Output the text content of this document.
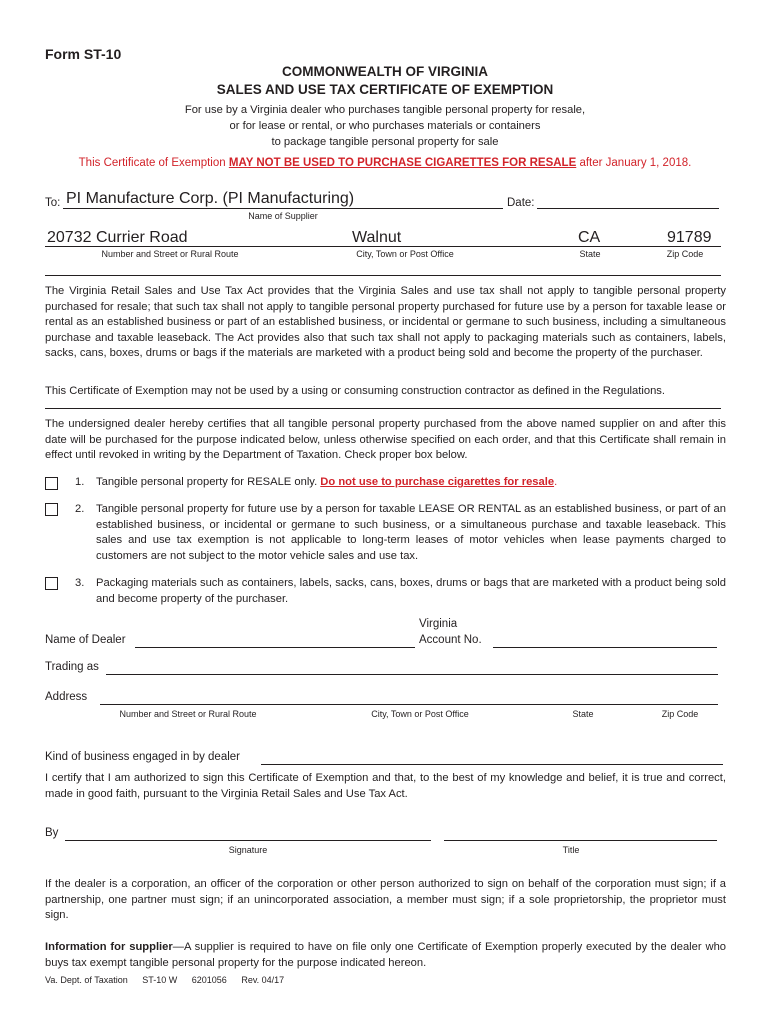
Form ST-10
COMMONWEALTH OF VIRGINIA
SALES AND USE TAX CERTIFICATE OF EXEMPTION
For use by a Virginia dealer who purchases tangible personal property for resale,
or for lease or rental, or who purchases materials or containers
to package tangible personal property for sale
This Certificate of Exemption MAY NOT BE USED TO PURCHASE CIGARETTES FOR RESALE after January 1, 2018.
To: PI Manufacture Corp. (PI Manufacturing)
Name of Supplier
Date:
20732 Currier Road	Walnut	CA	91789
Number and Street or Rural Route	City, Town or Post Office	State	Zip Code
The Virginia Retail Sales and Use Tax Act provides that the Virginia Sales and use tax shall not apply to tangible personal property purchased for resale; that such tax shall not apply to tangible personal property purchased for future use by a person for taxable lease or rental as an established business or part of an established business, or incidental or germane to such business, including a simultaneous purchase and taxable leaseback. The Act provides also that such tax shall not apply to packaging materials such as containers, labels, sacks, cans, boxes, drums or bags if the materials are marketed with a product being sold and become the property of the purchaser.
This Certificate of Exemption may not be used by a using or consuming construction contractor as defined in the Regulations.
The undersigned dealer hereby certifies that all tangible personal property purchased from the above named supplier on and after this date will be purchased for the purpose indicated below, unless otherwise specified on each order, and that this Certificate shall remain in effect until revoked in writing by the Department of Taxation. Check proper box below.
1. Tangible personal property for RESALE only. Do not use to purchase cigarettes for resale.
2. Tangible personal property for future use by a person for taxable LEASE OR RENTAL as an established business, or part of an established business, or incidental or germane to such business, or a simultaneous purchase and taxable leaseback. This sales and use tax exemption is not applicable to long-term leases of motor vehicles when lease payments charged to customers are not subject to the motor vehicle sales and use tax.
3. Packaging materials such as containers, labels, sacks, cans, boxes, drums or bags that are marketed with a product being sold and become property of the purchaser.
Name of Dealer
Virginia
Account No.
Trading as
Address
Number and Street or Rural Route	City, Town or Post Office	State	Zip Code
Kind of business engaged in by dealer
I certify that I am authorized to sign this Certificate of Exemption and that, to the best of my knowledge and belief, it is true and correct, made in good faith, pursuant to the Virginia Retail Sales and Use Tax Act.
By
Signature	Title
If the dealer is a corporation, an officer of the corporation or other person authorized to sign on behalf of the corporation must sign; if a partnership, one partner must sign; if an unincorporated association, a member must sign; if a sole proprietorship, the proprietor must sign.
Information for supplier—A supplier is required to have on file only one Certificate of Exemption properly executed by the dealer who buys tax exempt tangible personal property for the purpose indicated hereon.
Va. Dept. of Taxation ST-10 W 6201056 Rev. 04/17
